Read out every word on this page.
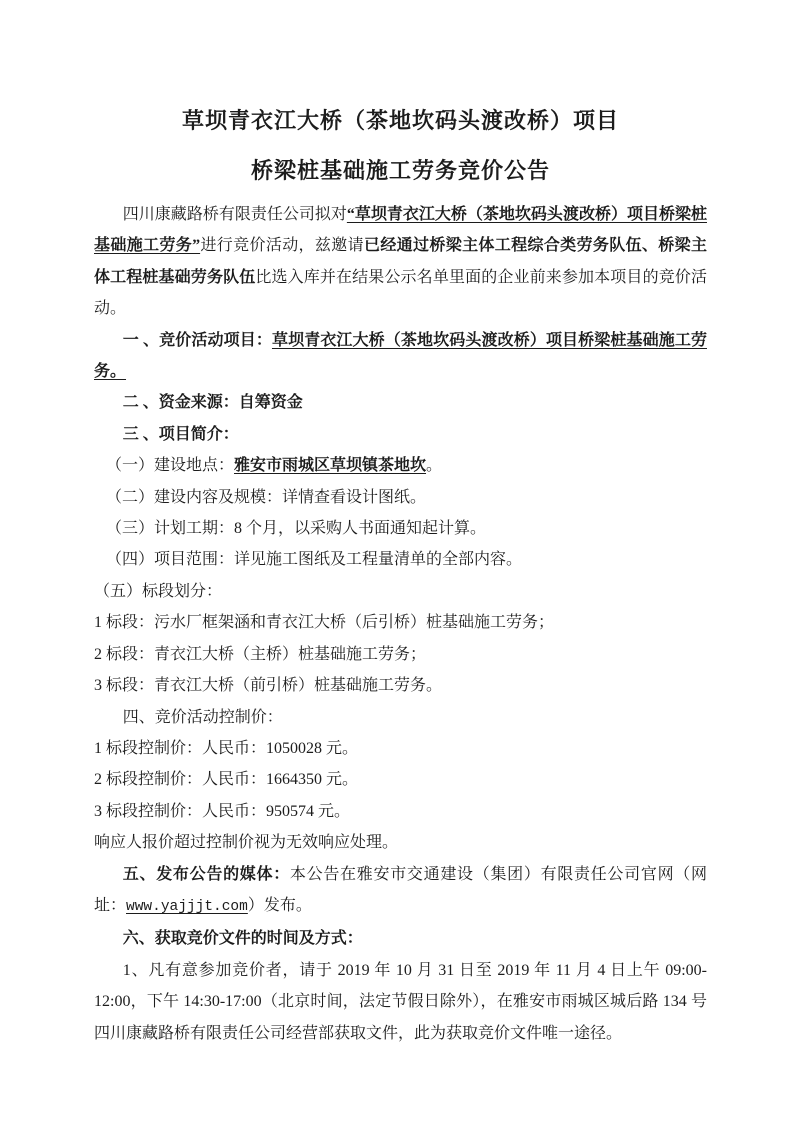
草坝青衣江大桥（茶地坎码头渡改桥）项目
桥梁桩基础施工劳务竞价公告

四川康藏路桥有限责任公司拟对“草坝青衣江大桥（茶地坎码头渡改桥）项目桥梁桩基础施工劳务”进行竞价活动，兹邀请已经通过桥梁主体工程综合类劳务队伍、桥梁主体工程桩基础劳务队伍比选入库并在结果公示名单里面的企业前来参加本项目的竞价活动。

一 、竞价活动项目：草坝青衣江大桥（茶地坎码头渡改桥）项目桥梁桩基础施工劳务。

二 、资金来源：自筹资金

三 、项目简介：

（一）建设地点：雅安市雨城区草坝镇茶地坎。

（二）建设内容及规模：详情查看设计图纸。

（三）计划工期：8 个月，以采购人书面通知起计算。

（四）项目范围：详见施工图纸及工程量清单的全部内容。

（五）标段划分：

1 标段：污水厂框架涵和青衣江大桥（后引桥）桩基础施工劳务；

2 标段：青衣江大桥（主桥）桩基础施工劳务；

3 标段：青衣江大桥（前引桥）桩基础施工劳务。

四、竞价活动控制价：

1 标段控制价：人民币：1050028 元。

2 标段控制价：人民币：1664350 元。

3 标段控制价：人民币：950574 元。

响应人报价超过控制价视为无效响应处理。

五、发布公告的媒体：本公告在雅安市交通建设（集团）有限责任公司官网（网址：www.yajjjt.com）发布。

六、获取竞价文件的时间及方式：

1、凡有意参加竞价者，请于 2019 年 10 月 31 日至 2019 年 11 月 4 日上午 09:00-12:00，下午 14:30-17:00（北京时间，法定节假日除外），在雅安市雨城区城后路 134 号四川康藏路桥有限责任公司经营部获取文件，此为获取竞价文件唯一途径。
